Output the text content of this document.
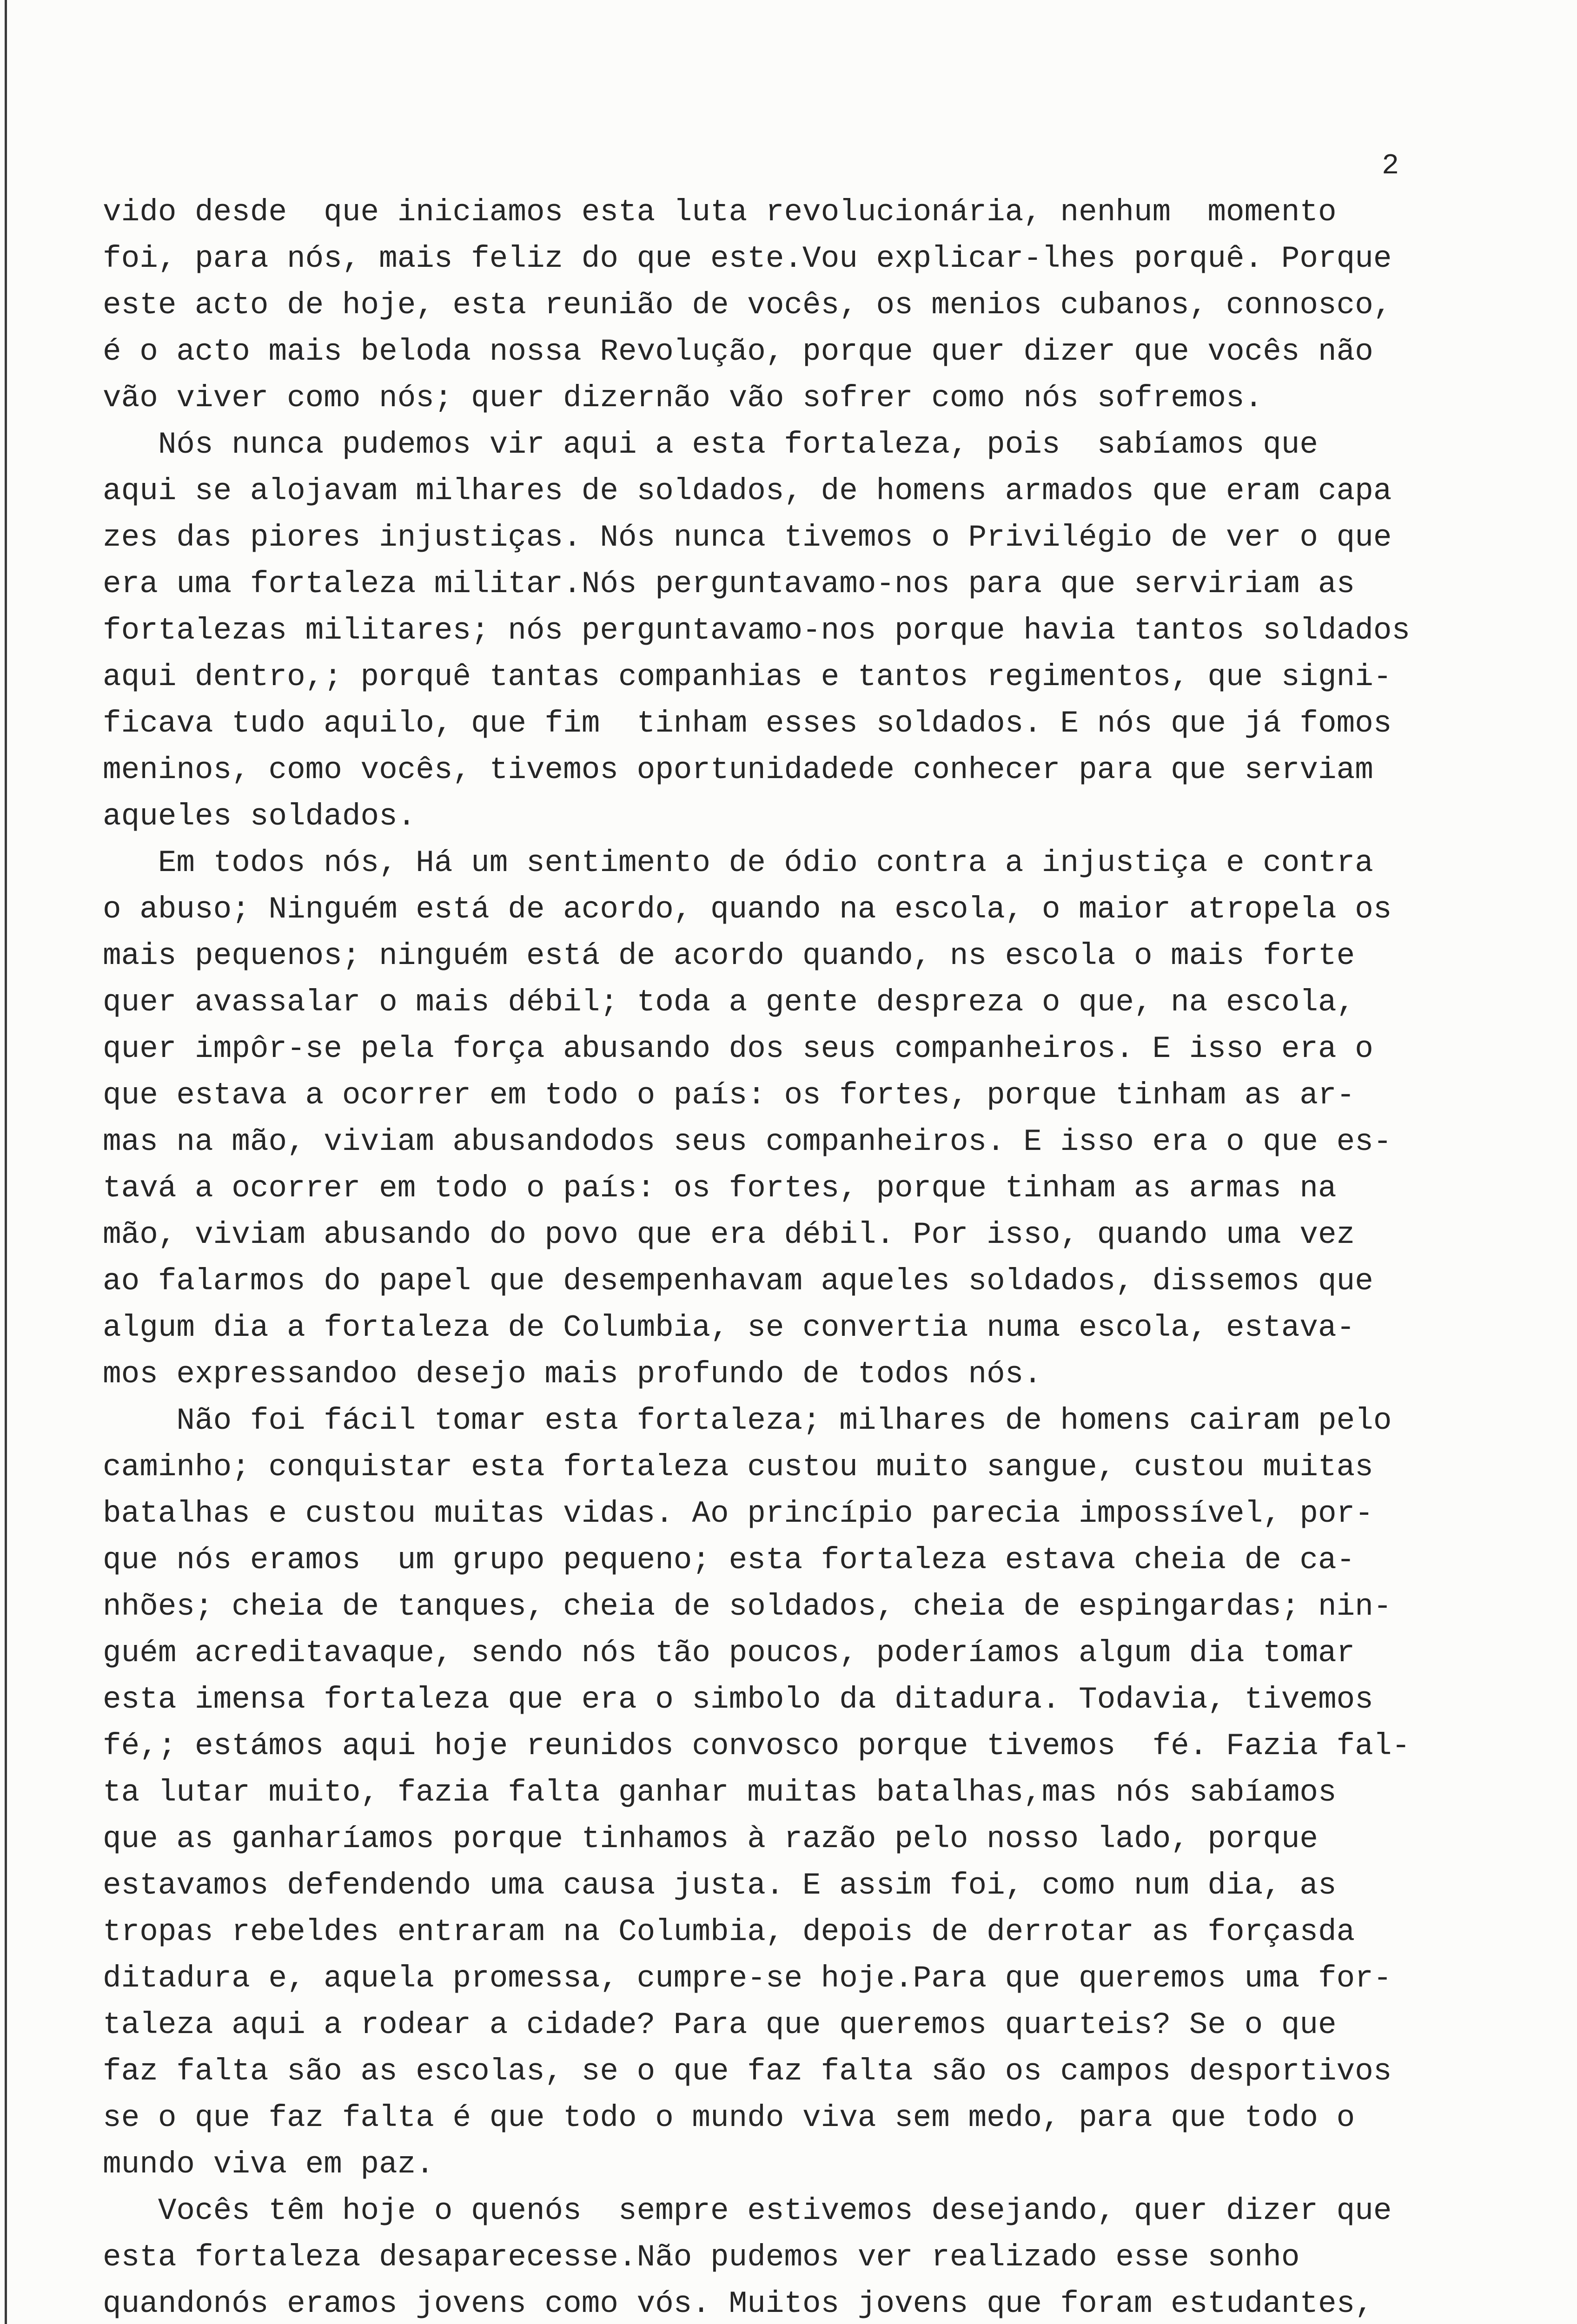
2
vido desde  que iniciamos esta luta revolucionária, nenhum  momento
foi, para nós, mais feliz do que este.Vou explicar-lhes porquê. Porque
este acto de hoje, esta reunião de vocês, os menios cubanos, connosco,
é o acto mais beloda nossa Revolução, porque quer dizer que vocês não
vão viver como nós; quer dizernão vão sofrer como nós sofremos.
Nós nunca pudemos vir aqui a esta fortaleza, pois  sabíamos que
aqui se alojavam milhares de soldados, de homens armados que eram capa
zes das piores injustiças. Nós nunca tivemos o Privilégio de ver o que
era uma fortaleza militar.Nós perguntavamo-nos para que serviriam as
fortalezas militares; nós perguntavamo-nos porque havia tantos soldados
aqui dentro,; porquê tantas companhias e tantos regimentos, que signi-
ficava tudo aquilo, que fim  tinham esses soldados. E nós que já fomos
meninos, como vocês, tivemos oportunidadede conhecer para que serviam
aqueles soldados.
Em todos nós, Há um sentimento de ódio contra a injustiça e contra
o abuso; Ninguém está de acordo, quando na escola, o maior atropela os
mais pequenos; ninguém está de acordo quando, ns escola o mais forte
quer avassalar o mais débil; toda a gente despreza o que, na escola,
quer impôr-se pela força abusando dos seus companheiros. E isso era o
que estava a ocorrer em todo o país: os fortes, porque tinham as ar-
mas na mão, viviam abusandodos seus companheiros. E isso era o que es-
tavá a ocorrer em todo o país: os fortes, porque tinham as armas na
mão, viviam abusando do povo que era débil. Por isso, quando uma vez
ao falarmos do papel que desempenhavam aqueles soldados, dissemos que
algum dia a fortaleza de Columbia, se convertia numa escola, estava-
mos expressandoo desejo mais profundo de todos nós.
Não foi fácil tomar esta fortaleza; milhares de homens cairam pelo
caminho; conquistar esta fortaleza custou muito sangue, custou muitas
batalhas e custou muitas vidas. Ao princípio parecia impossível, por-
que nós eramos  um grupo pequeno; esta fortaleza estava cheia de ca-
nhões; cheia de tanques, cheia de soldados, cheia de espingardas; nin-
guém acreditavaque, sendo nós tão poucos, poderíamos algum dia tomar
esta imensa fortaleza que era o simbolo da ditadura. Todavia, tivemos
fé,; estámos aqui hoje reunidos convosco porque tivemos  fé. Fazia fal-
ta lutar muito, fazia falta ganhar muitas batalhas,mas nós sabíamos
que as ganharíamos porque tinhamos à razão pelo nosso lado, porque
estavamos defendendo uma causa justa. E assim foi, como num dia, as
tropas rebeldes entraram na Columbia, depois de derrotar as forçasda
ditadura e, aquela promessa, cumpre-se hoje.Para que queremos uma for-
taleza aqui a rodear a cidade? Para que queremos quarteis? Se o que
faz falta são as escolas, se o que faz falta são os campos desportivos
se o que faz falta é que todo o mundo viva sem medo, para que todo o
mundo viva em paz.
Vocês têm hoje o quenós  sempre estivemos desejando, quer dizer que
esta fortaleza desaparecesse.Não pudemos ver realizado esse sonho
quandonós eramos jovens como vós. Muitos jovens que foram estudantes,
